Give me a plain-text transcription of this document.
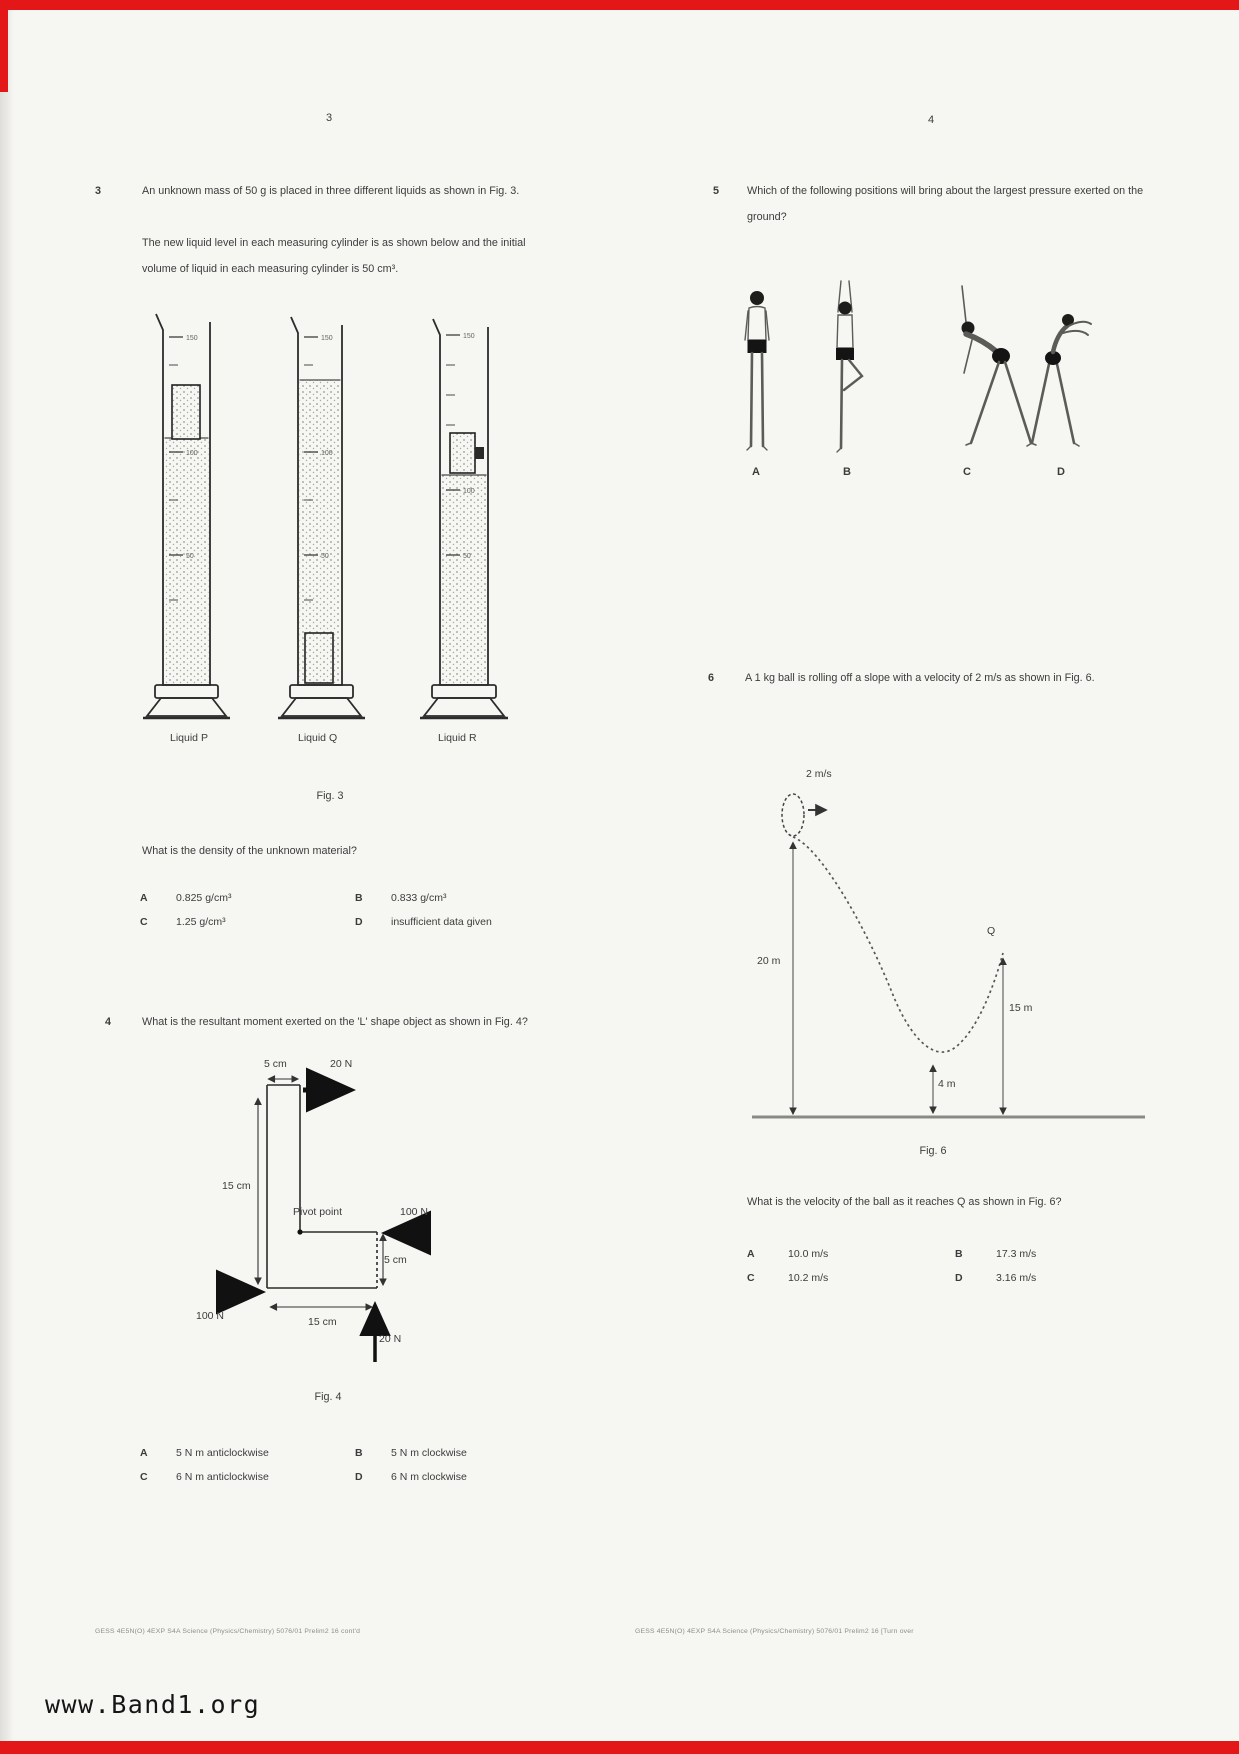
3
3	An unknown mass of 50 g is placed in three different liquids as shown in Fig. 3.
The new liquid level in each measuring cylinder is as shown below and the initial
volume of liquid in each measuring cylinder is 50 cm³.
150
100
50
150
100
50
150
100
50
Liquid P	Liquid Q	Liquid R
Fig. 3
What is the density of the unknown material?
A	0.825 g/cm³	B	0.833 g/cm³
C	1.25 g/cm³	D	insufficient data given
4	What is the resultant moment exerted on the 'L' shape object as shown in Fig. 4?
5 cm	20 N
15 cm
Pivot point	100 N
5 cm
100 N	15 cm
20 N
Fig. 4
A	5 N m anticlockwise	B	5 N m clockwise
C	6 N m anticlockwise	D	6 N m clockwise
GESS 4E5N(O) 4EXP S4A Science (Physics/Chemistry) 5076/01 Prelim2 16 cont'd
4
5	Which of the following positions will bring about the largest pressure exerted on the
ground?
A	B	C	D
6	A 1 kg ball is rolling off a slope with a velocity of 2 m/s as shown in Fig. 6.
2 m/s
20 m
Q
15 m
4 m
Fig. 6
What is the velocity of the ball as it reaches Q as shown in Fig. 6?
A	10.0 m/s	B	17.3 m/s
C	10.2 m/s	D	3.16 m/s
GESS 4E5N(O) 4EXP S4A Science (Physics/Chemistry) 5076/01 Prelim2 16 [Turn over
www.Band1.org
